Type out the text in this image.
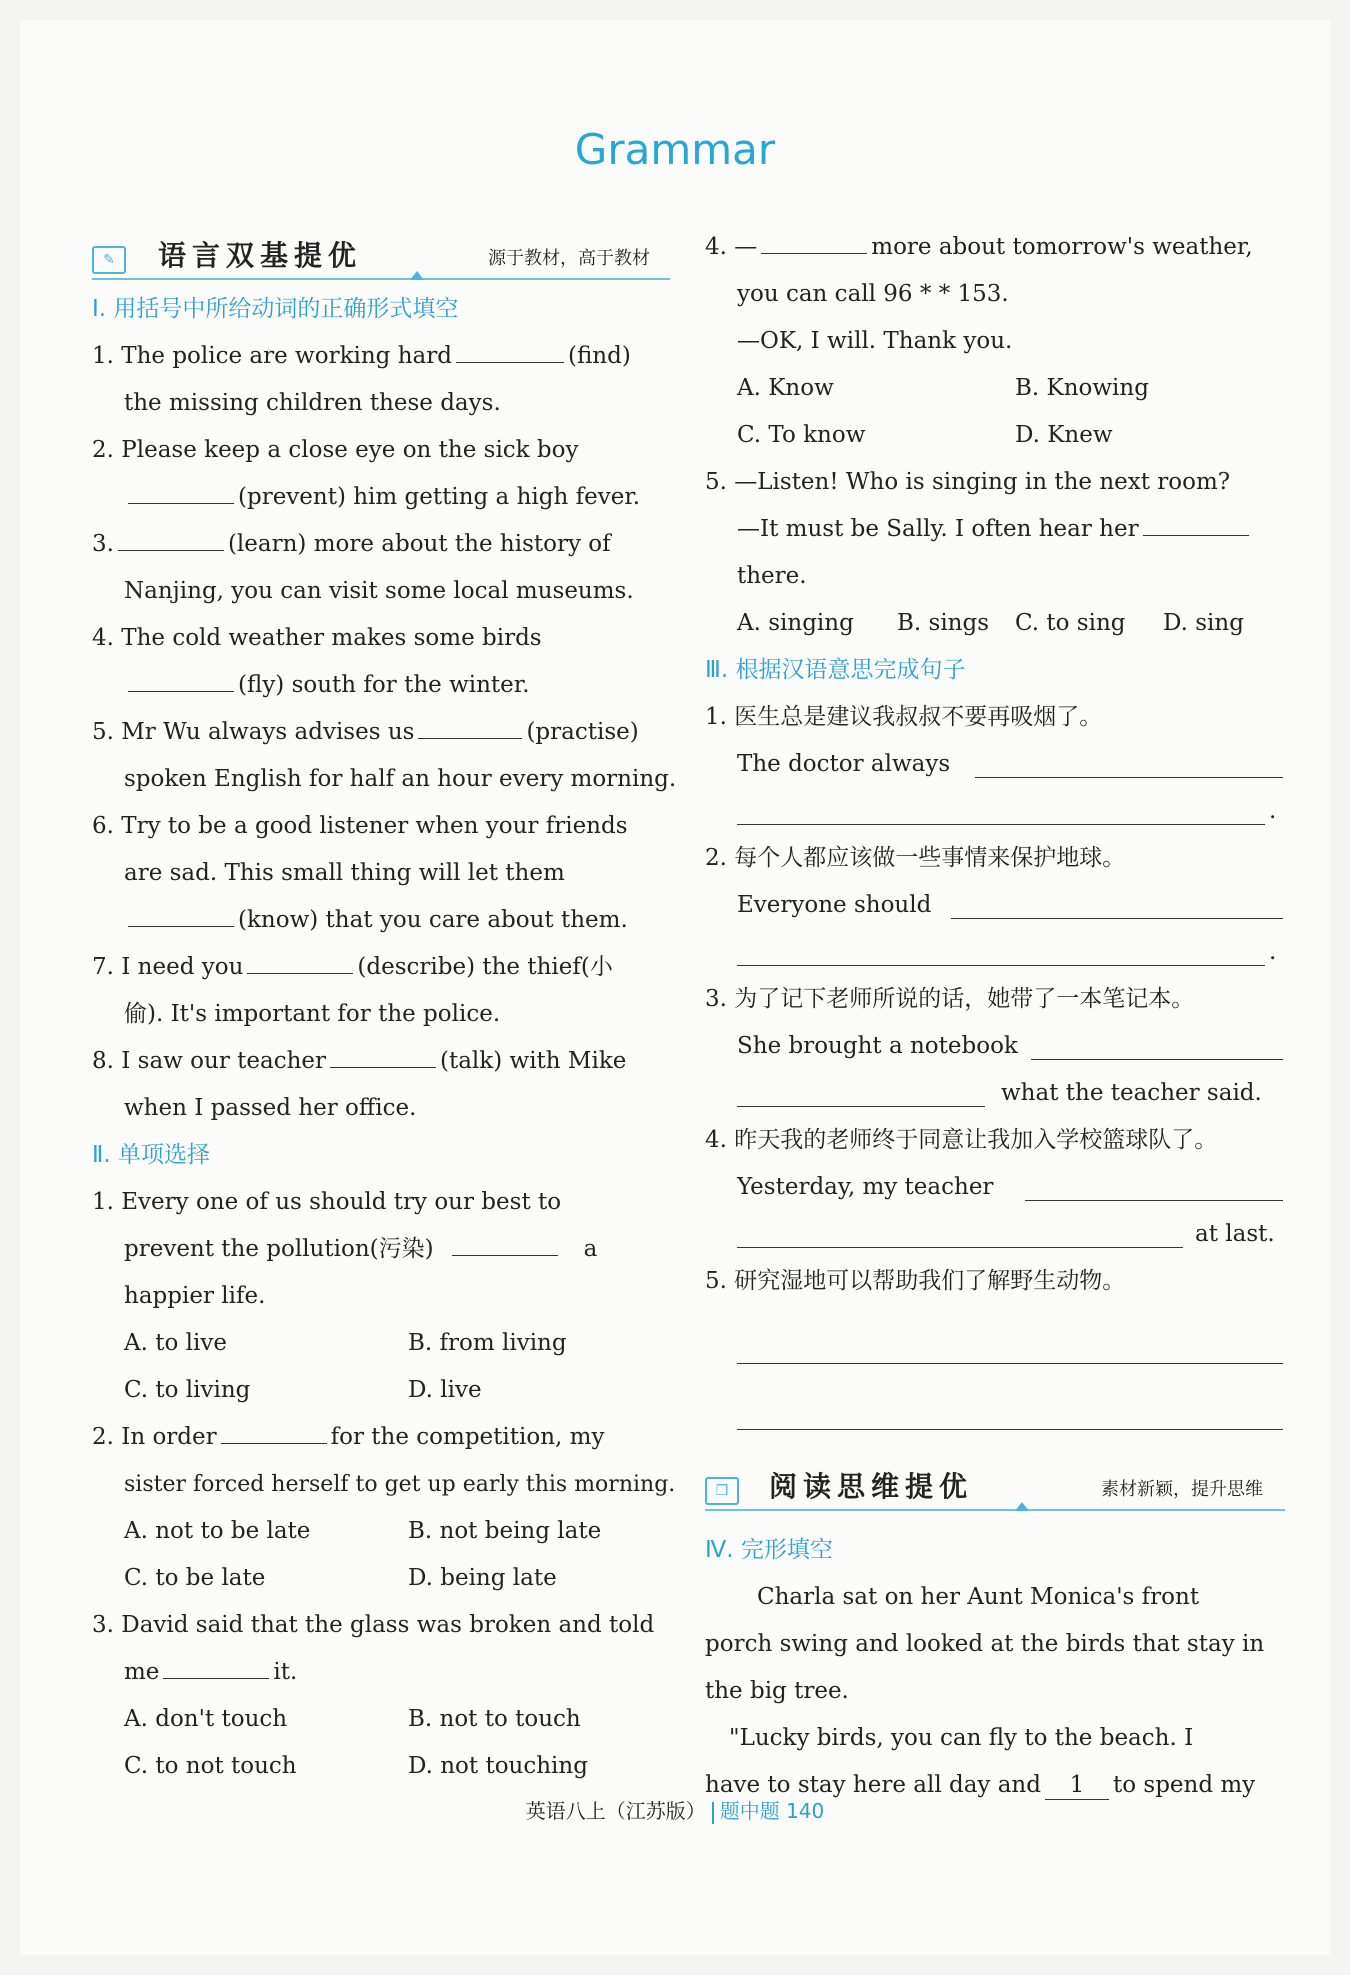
Grammar
✎	语言双基提优	源于教材，高于教材
Ⅰ. 用括号中所给动词的正确形式填空
1. The police are working hard	(find)
the missing children these days.
2. Please keep a close eye on the sick boy
(prevent) him getting a high fever.
3.	(learn) more about the history of
Nanjing, you can visit some local museums.
4. The cold weather makes some birds
(fly) south for the winter.
5. Mr Wu always advises us	(practise)
spoken English for half an hour every morning.
6. Try to be a good listener when your friends
are sad. This small thing will let them
(know) that you care about them.
7. I need you	(describe) the thief(小
偷). It's important for the police.
8. I saw our teacher	(talk) with Mike
when I passed her office.
Ⅱ. 单项选择
1. Every one of us should try our best to
prevent the pollution(污染)	a
happier life.
A. to live	B. from living
C. to living	D. live
2. In order	for the competition, my
sister forced herself to get up early this morning.
A. not to be late	B. not being late
C. to be late	D. being late
3. David said that the glass was broken and told
me	it.
A. don't touch	B. not to touch
C. to not touch	D. not touching
4. —	more about tomorrow's weather,
you can call 96 * * 153.
—OK, I will. Thank you.
A. Know	B. Knowing
C. To know	D. Knew
5. —Listen! Who is singing in the next room?
—It must be Sally. I often hear her
there.
A. singing B. sings C. to sing D. sing
Ⅲ. 根据汉语意思完成句子
1. 医生总是建议我叔叔不要再吸烟了。
The doctor always
.
2. 每个人都应该做一些事情来保护地球。
Everyone should
.
3. 为了记下老师所说的话，她带了一本笔记本。
She brought a notebook
what the teacher said.
4. 昨天我的老师终于同意让我加入学校篮球队了。
Yesterday, my teacher
at last.
5. 研究湿地可以帮助我们了解野生动物。
❐	阅读思维提优	素材新颖，提升思维
Ⅳ. 完形填空
Charla sat on her Aunt Monica's front
porch swing and looked at the birds that stay in
the big tree.
"Lucky birds, you can fly to the beach. I
have to stay here all day and 1 to spend my
英语八上（江苏版） 题中题 140
